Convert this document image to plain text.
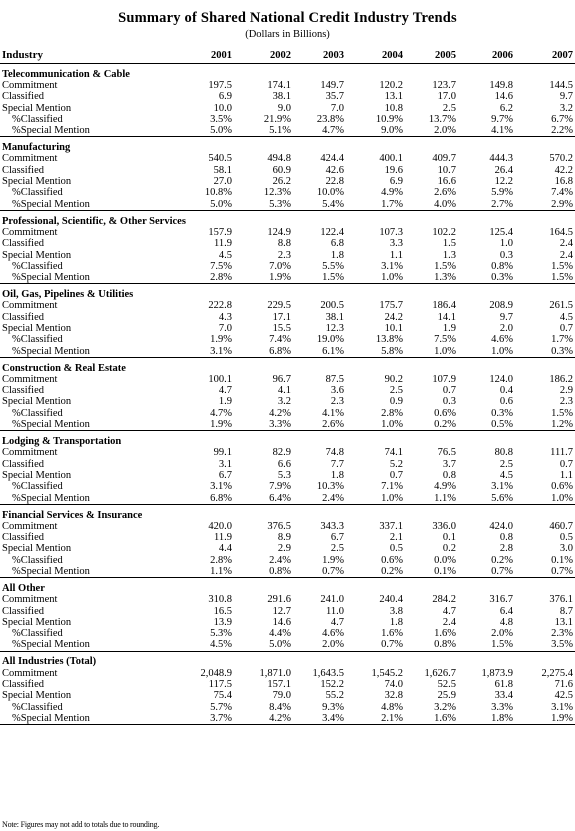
Summary of Shared National Credit Industry Trends
(Dollars in Billions)
Industry	2001	2002	2003	2004	2005	2006	2007
Telecommunication & Cable
Commitment	197.5	174.1	149.7	120.2	123.7	149.8	144.5
Classified	6.9	38.1	35.7	13.1	17.0	14.6	9.7
Special Mention	10.0	9.0	7.0	10.8	2.5	6.2	3.2
%Classified	3.5%	21.9%	23.8%	10.9%	13.7%	9.7%	6.7%
%Special Mention	5.0%	5.1%	4.7%	9.0%	2.0%	4.1%	2.2%
Manufacturing
Commitment	540.5	494.8	424.4	400.1	409.7	444.3	570.2
Classified	58.1	60.9	42.6	19.6	10.7	26.4	42.2
Special Mention	27.0	26.2	22.8	6.9	16.6	12.2	16.8
%Classified	10.8%	12.3%	10.0%	4.9%	2.6%	5.9%	7.4%
%Special Mention	5.0%	5.3%	5.4%	1.7%	4.0%	2.7%	2.9%
Professional, Scientific, & Other Services
Commitment	157.9	124.9	122.4	107.3	102.2	125.4	164.5
Classified	11.9	8.8	6.8	3.3	1.5	1.0	2.4
Special Mention	4.5	2.3	1.8	1.1	1.3	0.3	2.4
%Classified	7.5%	7.0%	5.5%	3.1%	1.5%	0.8%	1.5%
%Special Mention	2.8%	1.9%	1.5%	1.0%	1.3%	0.3%	1.5%
Oil, Gas, Pipelines & Utilities
Commitment	222.8	229.5	200.5	175.7	186.4	208.9	261.5
Classified	4.3	17.1	38.1	24.2	14.1	9.7	4.5
Special Mention	7.0	15.5	12.3	10.1	1.9	2.0	0.7
%Classified	1.9%	7.4%	19.0%	13.8%	7.5%	4.6%	1.7%
%Special Mention	3.1%	6.8%	6.1%	5.8%	1.0%	1.0%	0.3%
Construction & Real Estate
Commitment	100.1	96.7	87.5	90.2	107.9	124.0	186.2
Classified	4.7	4.1	3.6	2.5	0.7	0.4	2.9
Special Mention	1.9	3.2	2.3	0.9	0.3	0.6	2.3
%Classified	4.7%	4.2%	4.1%	2.8%	0.6%	0.3%	1.5%
%Special Mention	1.9%	3.3%	2.6%	1.0%	0.2%	0.5%	1.2%
Lodging & Transportation
Commitment	99.1	82.9	74.8	74.1	76.5	80.8	111.7
Classified	3.1	6.6	7.7	5.2	3.7	2.5	0.7
Special Mention	6.7	5.3	1.8	0.7	0.8	4.5	1.1
%Classified	3.1%	7.9%	10.3%	7.1%	4.9%	3.1%	0.6%
%Special Mention	6.8%	6.4%	2.4%	1.0%	1.1%	5.6%	1.0%
Financial Services & Insurance
Commitment	420.0	376.5	343.3	337.1	336.0	424.0	460.7
Classified	11.9	8.9	6.7	2.1	0.1	0.8	0.5
Special Mention	4.4	2.9	2.5	0.5	0.2	2.8	3.0
%Classified	2.8%	2.4%	1.9%	0.6%	0.0%	0.2%	0.1%
%Special Mention	1.1%	0.8%	0.7%	0.2%	0.1%	0.7%	0.7%
All Other
Commitment	310.8	291.6	241.0	240.4	284.2	316.7	376.1
Classified	16.5	12.7	11.0	3.8	4.7	6.4	8.7
Special Mention	13.9	14.6	4.7	1.8	2.4	4.8	13.1
%Classified	5.3%	4.4%	4.6%	1.6%	1.6%	2.0%	2.3%
%Special Mention	4.5%	5.0%	2.0%	0.7%	0.8%	1.5%	3.5%
All Industries (Total)
Commitment	2,048.9	1,871.0	1,643.5	1,545.2	1,626.7	1,873.9	2,275.4
Classified	117.5	157.1	152.2	74.0	52.5	61.8	71.6
Special Mention	75.4	79.0	55.2	32.8	25.9	33.4	42.5
%Classified	5.7%	8.4%	9.3%	4.8%	3.2%	3.3%	3.1%
%Special Mention	3.7%	4.2%	3.4%	2.1%	1.6%	1.8%	1.9%
Note: Figures may not add to totals due to rounding.
